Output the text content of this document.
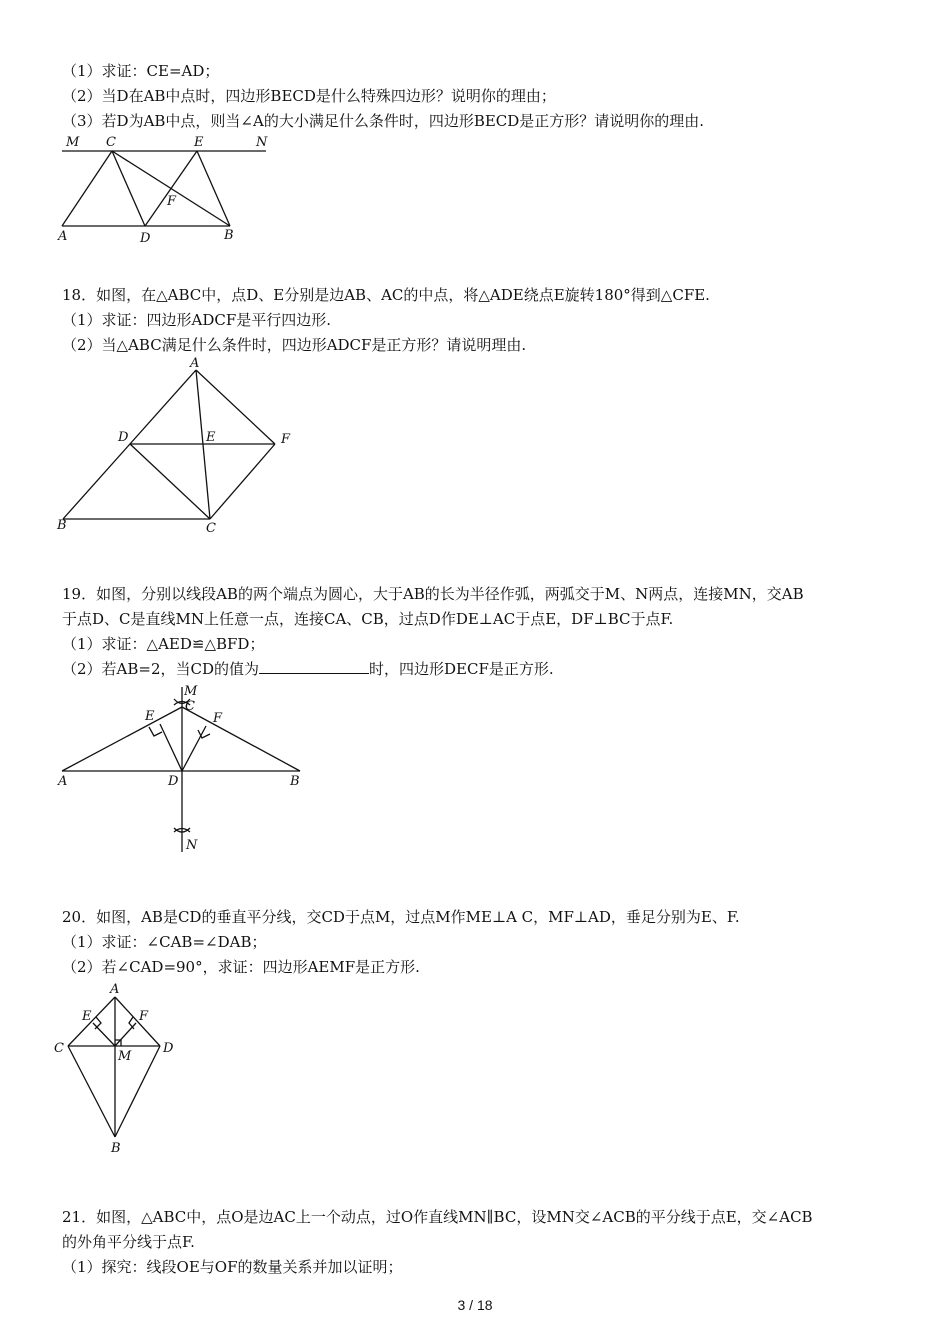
（1）求证：CE=AD；
（2）当D在AB中点时，四边形BECD是什么特殊四边形？说明你的理由；
（3）若D为AB中点，则当∠A的大小满足什么条件时，四边形BECD是正方形？请说明你的理由.
M C	E	N
F
A	D	B
18．如图，在△ABC中，点D、E分别是边AB、AC的中点，将△ADE绕点E旋转180°得到△CFE.
（1）求证：四边形ADCF是平行四边形.
（2）当△ABC满足什么条件时，四边形ADCF是正方形？请说明理由.
A
D	E	F
B	C
19．如图，分别以线段AB的两个端点为圆心，大于AB的长为半径作弧，两弧交于M、N两点，连接MN，交AB
于点D、C是直线MN上任意一点，连接CA、CB，过点D作DE⊥AC于点E，DF⊥BC于点F.
（1）求证：△AED≌△BFD；
（2）若AB=2，当CD的值为	时，四边形DECF是正方形.
M
C
E	F
A	D	B
N
20．如图，AB是CD的垂直平分线，交CD于点M，过点M作ME⊥A C，MF⊥AD，垂足分别为E、F.
（1）求证：∠CAB=∠DAB；
（2）若∠CAD=90°，求证：四边形AEMF是正方形.
A
E	F
C
M
D
B
21．如图，△ABC中，点O是边AC上一个动点，过O作直线MN∥BC，设MN交∠ACB的平分线于点E，交∠ACB
的外角平分线于点F.
（1）探究：线段OE与OF的数量关系并加以证明；
3 / 18
